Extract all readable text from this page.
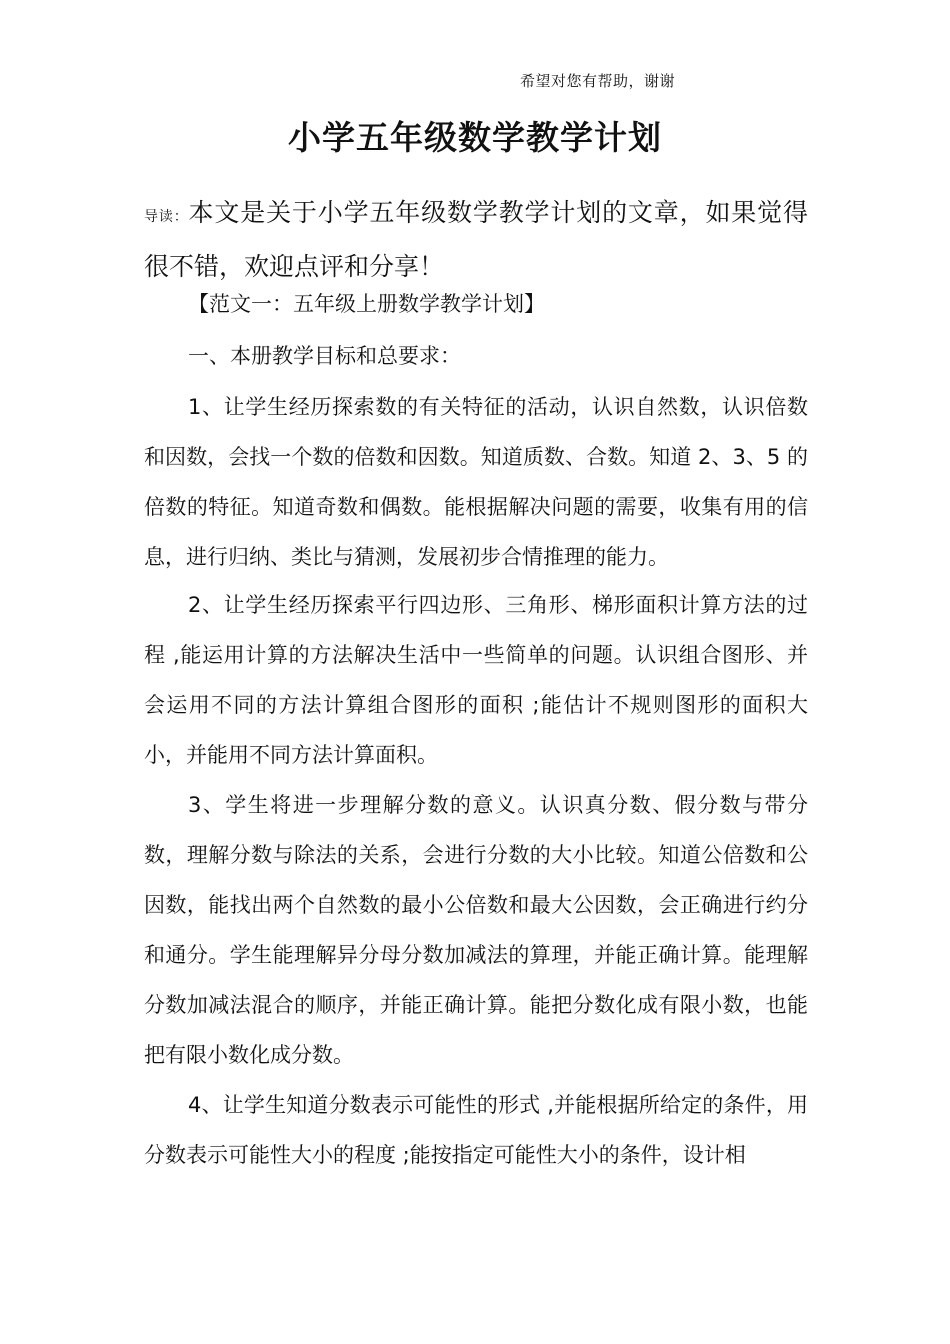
希望对您有帮助，谢谢
小学五年级数学教学计划
导读：本文是关于小学五年级数学教学计划的文章，如果觉得很不错，欢迎点评和分享！
【范文一：五年级上册数学教学计划】
一、本册教学目标和总要求：
1、让学生经历探索数的有关特征的活动，认识自然数，认识倍数和因数，会找一个数的倍数和因数。知道质数、合数。知道 2、3、5 的倍数的特征。知道奇数和偶数。能根据解决问题的需要，收集有用的信息，进行归纳、类比与猜测，发展初步合情推理的能力。
2、让学生经历探索平行四边形、三角形、梯形面积计算方法的过程 ,能运用计算的方法解决生活中一些简单的问题。认识组合图形、并会运用不同的方法计算组合图形的面积 ;能估计不规则图形的面积大小，并能用不同方法计算面积。
3、学生将进一步理解分数的意义。认识真分数、假分数与带分数，理解分数与除法的关系，会进行分数的大小比较。知道公倍数和公因数，能找出两个自然数的最小公倍数和最大公因数，会正确进行约分和通分。学生能理解异分母分数加减法的算理，并能正确计算。能理解分数加减法混合的顺序，并能正确计算。能把分数化成有限小数，也能把有限小数化成分数。
4、让学生知道分数表示可能性的形式 ,并能根据所给定的条件，用分数表示可能性大小的程度 ;能按指定可能性大小的条件，设计相
